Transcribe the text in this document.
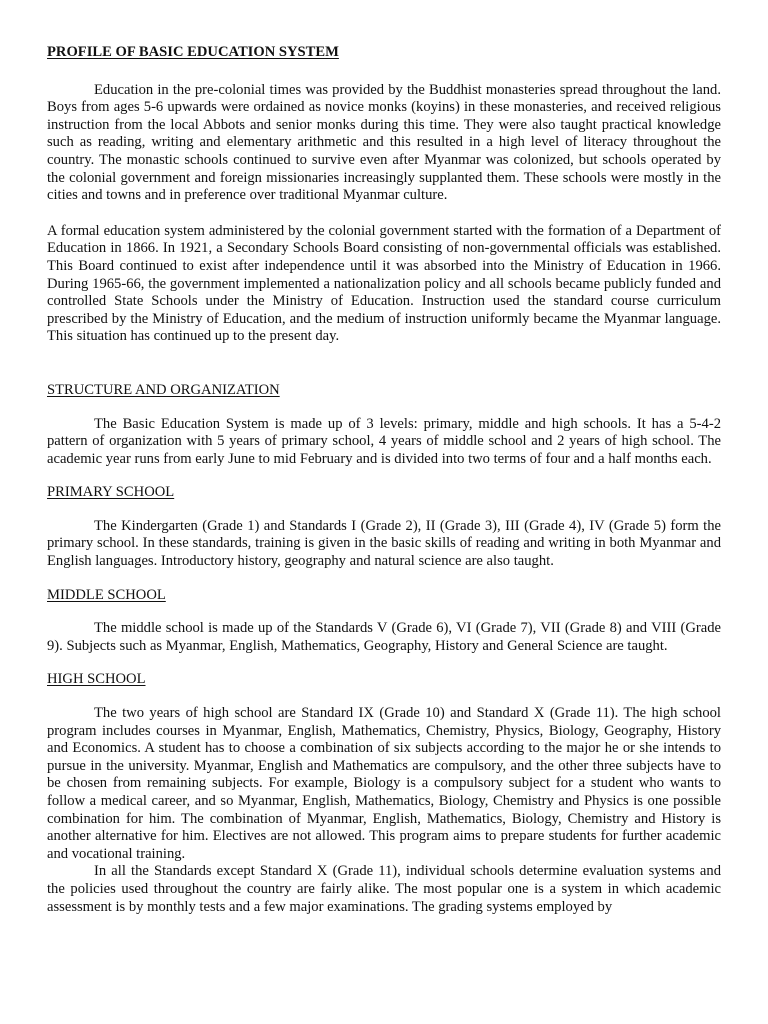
PROFILE OF BASIC EDUCATION SYSTEM

Education in the pre-colonial times was provided by the Buddhist monasteries spread throughout the land. Boys from ages 5-6 upwards were ordained as novice monks (koyins) in these monasteries, and received religious instruction from the local Abbots and senior monks during this time. They were also taught practical knowledge such as reading, writing and elementary arithmetic and this resulted in a high level of literacy throughout the country. The monastic schools continued to survive even after Myanmar was colonized, but schools operated by the colonial government and foreign missionaries increasingly supplanted them. These schools were mostly in the cities and towns and in preference over traditional Myanmar culture.

A formal education system administered by the colonial government started with the formation of a Department of Education in 1866. In 1921, a Secondary Schools Board consisting of non-governmental officials was established. This Board continued to exist after independence until it was absorbed into the Ministry of Education in 1966. During 1965-66, the government implemented a nationalization policy and all schools became publicly funded and controlled State Schools under the Ministry of Education. Instruction used the standard course curriculum prescribed by the Ministry of Education, and the medium of instruction uniformly became the Myanmar language. This situation has continued up to the present day.

STRUCTURE AND ORGANIZATION

The Basic Education System is made up of 3 levels: primary, middle and high schools. It has a 5-4-2 pattern of organization with 5 years of primary school, 4 years of middle school and 2 years of high school. The academic year runs from early June to mid February and is divided into two terms of four and a half months each.

PRIMARY SCHOOL

The Kindergarten (Grade 1) and Standards I (Grade 2), II (Grade 3), III (Grade 4), IV (Grade 5) form the primary school. In these standards, training is given in the basic skills of reading and writing in both Myanmar and English languages. Introductory history, geography and natural science are also taught.

MIDDLE SCHOOL

The middle school is made up of the Standards V (Grade 6), VI (Grade 7), VII (Grade 8) and VIII (Grade 9). Subjects such as Myanmar, English, Mathematics, Geography, History and General Science are taught.

HIGH SCHOOL

The two years of high school are Standard IX (Grade 10) and Standard X (Grade 11). The high school program includes courses in Myanmar, English, Mathematics, Chemistry, Physics, Biology, Geography, History and Economics. A student has to choose a combination of six subjects according to the major he or she intends to pursue in the university. Myanmar, English and Mathematics are compulsory, and the other three subjects have to be chosen from remaining subjects. For example, Biology is a compulsory subject for a student who wants to follow a medical career, and so Myanmar, English, Mathematics, Biology, Chemistry and Physics is one possible combination for him. The combination of Myanmar, English, Mathematics, Biology, Chemistry and History is another alternative for him. Electives are not allowed. This program aims to prepare students for further academic and vocational training.

In all the Standards except Standard X (Grade 11), individual schools determine evaluation systems and the policies used throughout the country are fairly alike. The most popular one is a system in which academic assessment is by monthly tests and a few major examinations. The grading systems employed by
